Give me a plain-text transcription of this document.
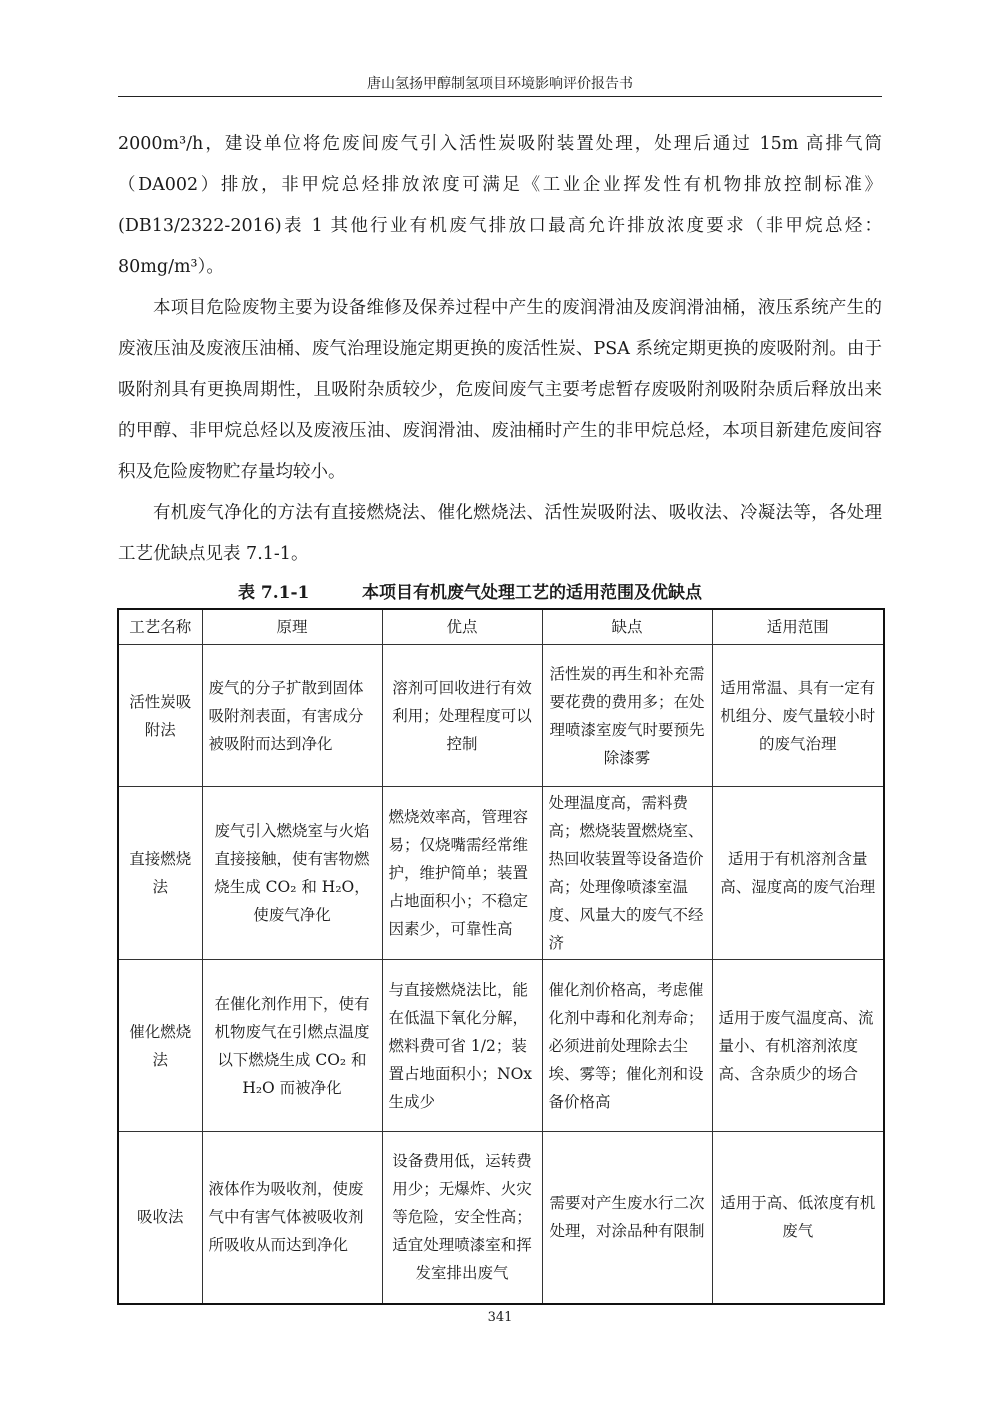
唐山氢扬甲醇制氢项目环境影响评价报告书

2000m³/h，建设单位将危废间废气引入活性炭吸附装置处理，处理后通过 15m 高排气筒（DA002）排放，非甲烷总烃排放浓度可满足《工业企业挥发性有机物排放控制标准》(DB13/2322-2016)表 1 其他行业有机废气排放口最高允许排放浓度要求（非甲烷总烃：80mg/m³）。

本项目危险废物主要为设备维修及保养过程中产生的废润滑油及废润滑油桶，液压系统产生的废液压油及废液压油桶、废气治理设施定期更换的废活性炭、PSA 系统定期更换的废吸附剂。由于吸附剂具有更换周期性，且吸附杂质较少，危废间废气主要考虑暂存废吸附剂吸附杂质后释放出来的甲醇、非甲烷总烃以及废液压油、废润滑油、废油桶时产生的非甲烷总烃，本项目新建危废间容积及危险废物贮存量均较小。

有机废气净化的方法有直接燃烧法、催化燃烧法、活性炭吸附法、吸收法、冷凝法等，各处理工艺优缺点见表 7.1-1。

表 7.1-1	本项目有机废气处理工艺的适用范围及优缺点
工艺名称	原理	优点	缺点	适用范围
活性炭吸附法	废气的分子扩散到固体吸附剂表面，有害成分被吸附而达到净化	溶剂可回收进行有效利用；处理程度可以控制	活性炭的再生和补充需要花费的费用多；在处理喷漆室废气时要预先除漆雾	适用常温、具有一定有机组分、废气量较小时的废气治理
直接燃烧法	废气引入燃烧室与火焰直接接触，使有害物燃烧生成 CO₂ 和 H₂O，使废气净化	燃烧效率高，管理容易；仅烧嘴需经常维护，维护简单；装置占地面积小；不稳定因素少，可靠性高	处理温度高，需料费高；燃烧装置燃烧室、热回收装置等设备造价高；处理像喷漆室温度、风量大的废气不经济	适用于有机溶剂含量高、湿度高的废气治理
催化燃烧法	在催化剂作用下，使有机物废气在引燃点温度以下燃烧生成 CO₂ 和 H₂O 而被净化	与直接燃烧法比，能在低温下氧化分解，燃料费可省 1/2；装置占地面积小；NOx 生成少	催化剂价格高，考虑催化剂中毒和化剂寿命；必须进前处理除去尘埃、雾等；催化剂和设备价格高	适用于废气温度高、流量小、有机溶剂浓度高、含杂质少的场合
吸收法	液体作为吸收剂，使废气中有害气体被吸收剂所吸收从而达到净化	设备费用低，运转费用少；无爆炸、火灾等危险，安全性高；适宜处理喷漆室和挥发室排出废气	需要对产生废水行二次处理，对涂品种有限制	适用于高、低浓度有机废气
341
